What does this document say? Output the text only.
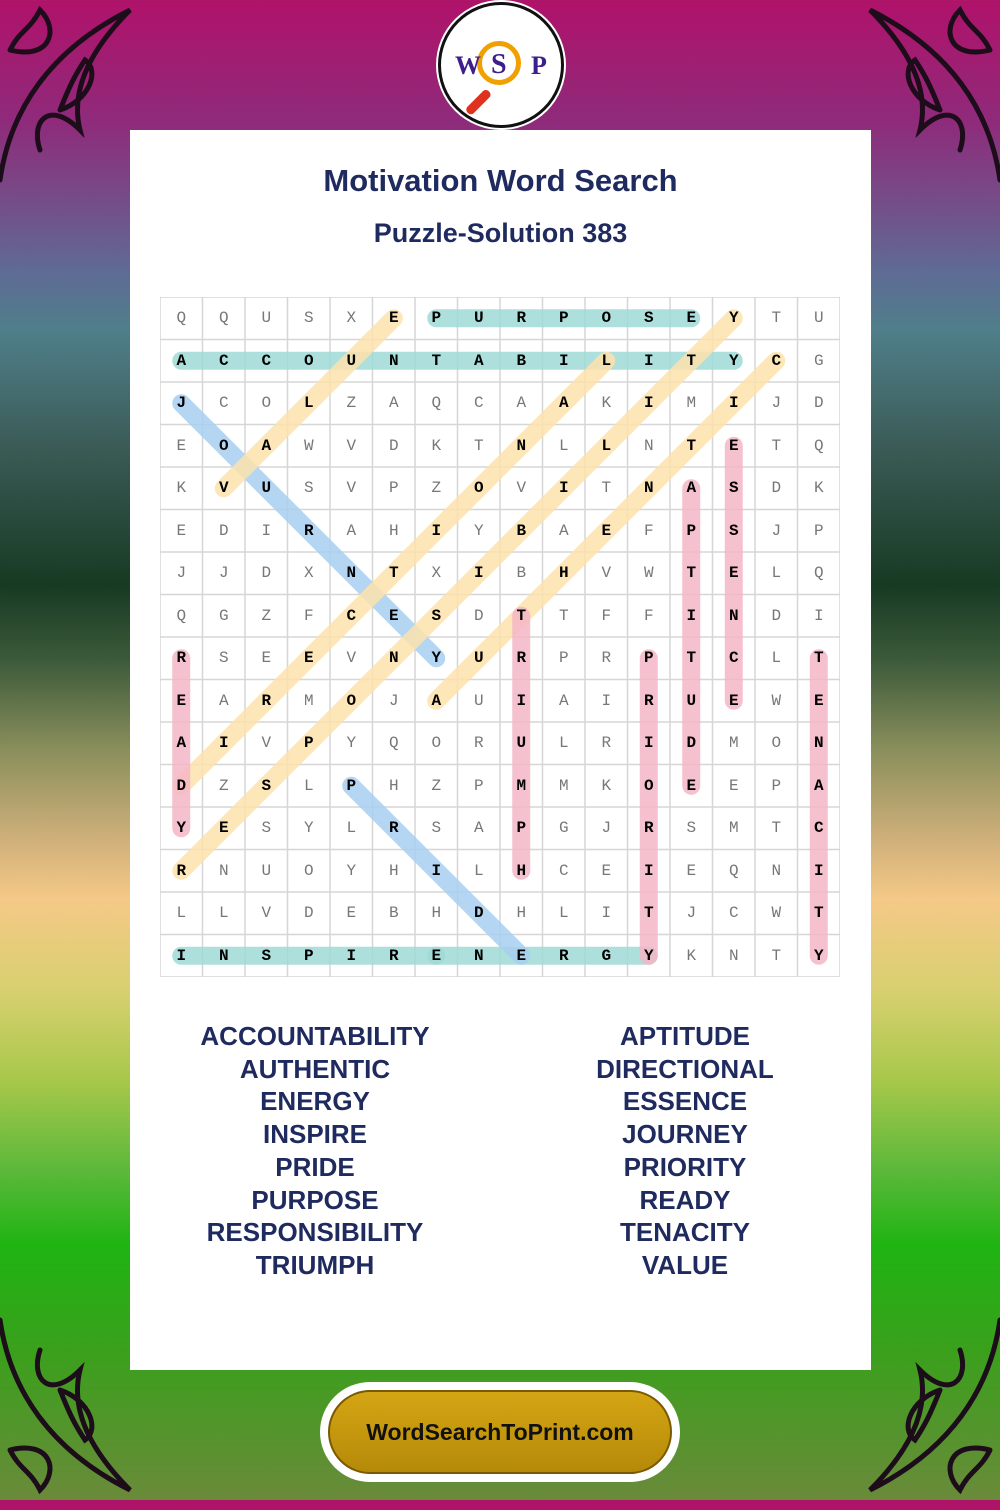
W S P
Motivation Word Search
Puzzle-Solution 383
Q	Q	U	S	X	E	P	U	R	P	O	S	E	Y	T	U
A	C	C	O	U	N	T	A	B	I	L	I	T	Y	C	G
J	C	O	L	Z	A	Q	C	A	A	K	I	M	I	J	D
E	O	A	W	V	D	K	T	N	L	L	N	T	E	T	Q
K	V	U	S	V	P	Z	O	V	I	T	N	A	S	D	K
E	D	I	R	A	H	I	Y	B	A	E	F	P	S	J	P
J	J	D	X	N	T	X	I	B	H	V	W	T	E	L	Q
Q	G	Z	F	C	E	S	D	T	T	F	F	I	N	D	I
R	S	E	E	V	N	Y	U	R	P	R	P	T	C	L	T
E	A	R	M	O	J	A	U	I	A	I	R	U	E	W	E
A	I	V	P	Y	Q	O	R	U	L	R	I	D	M	O	N
D	Z	S	L	P	H	Z	P	M	M	K	O	E	E	P	A
Y	E	S	Y	L	R	S	A	P	G	J	R	S	M	T	C
R	N	U	O	Y	H	I	L	H	C	E	I	E	Q	N	I
L	L	V	D	E	B	H	D	H	L	I	T	J	C	W	T
I	N	S	P	I	R	E	N	E	R	G	Y	K	N	T	Y
ACCOUNTABILITY
AUTHENTIC
ENERGY
INSPIRE
PRIDE
PURPOSE
RESPONSIBILITY
TRIUMPH
APTITUDE
DIRECTIONAL
ESSENCE
JOURNEY
PRIORITY
READY
TENACITY
VALUE
WordSearchToPrint.com
